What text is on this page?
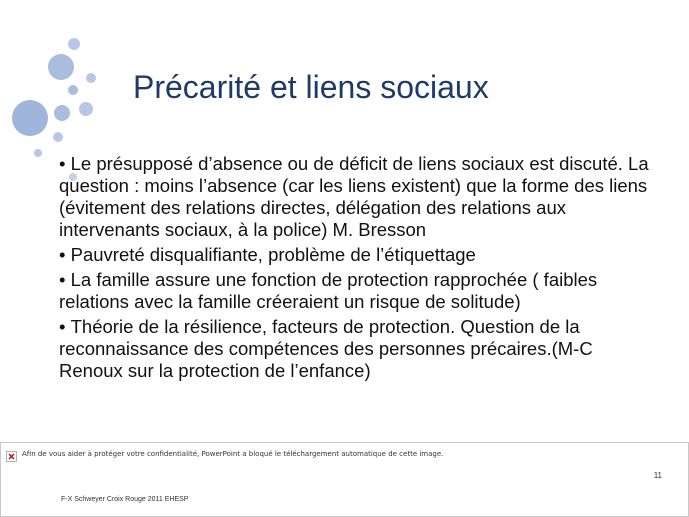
Précarité et liens sociaux
• Le présupposé d’absence ou de déficit de liens sociaux est discuté. La question : moins l’absence (car les liens existent) que la forme des liens (évitement des relations directes, délégation des relations aux intervenants sociaux, à la police) M. Bresson
• Pauvreté disqualifiante, problème de l’étiquettage
• La famille assure une fonction de protection rapprochée ( faibles relations avec la famille créeraient un risque de solitude)
• Théorie de la résilience, facteurs de protection. Question de la reconnaissance des compétences des personnes précaires.(M-C Renoux sur la protection de l’enfance)
Afin de vous aider à protéger votre confidentialité, PowerPoint a bloqué le téléchargement automatique de cette image.
11
F-X Schweyer Croix Rouge 2011 EHESP
